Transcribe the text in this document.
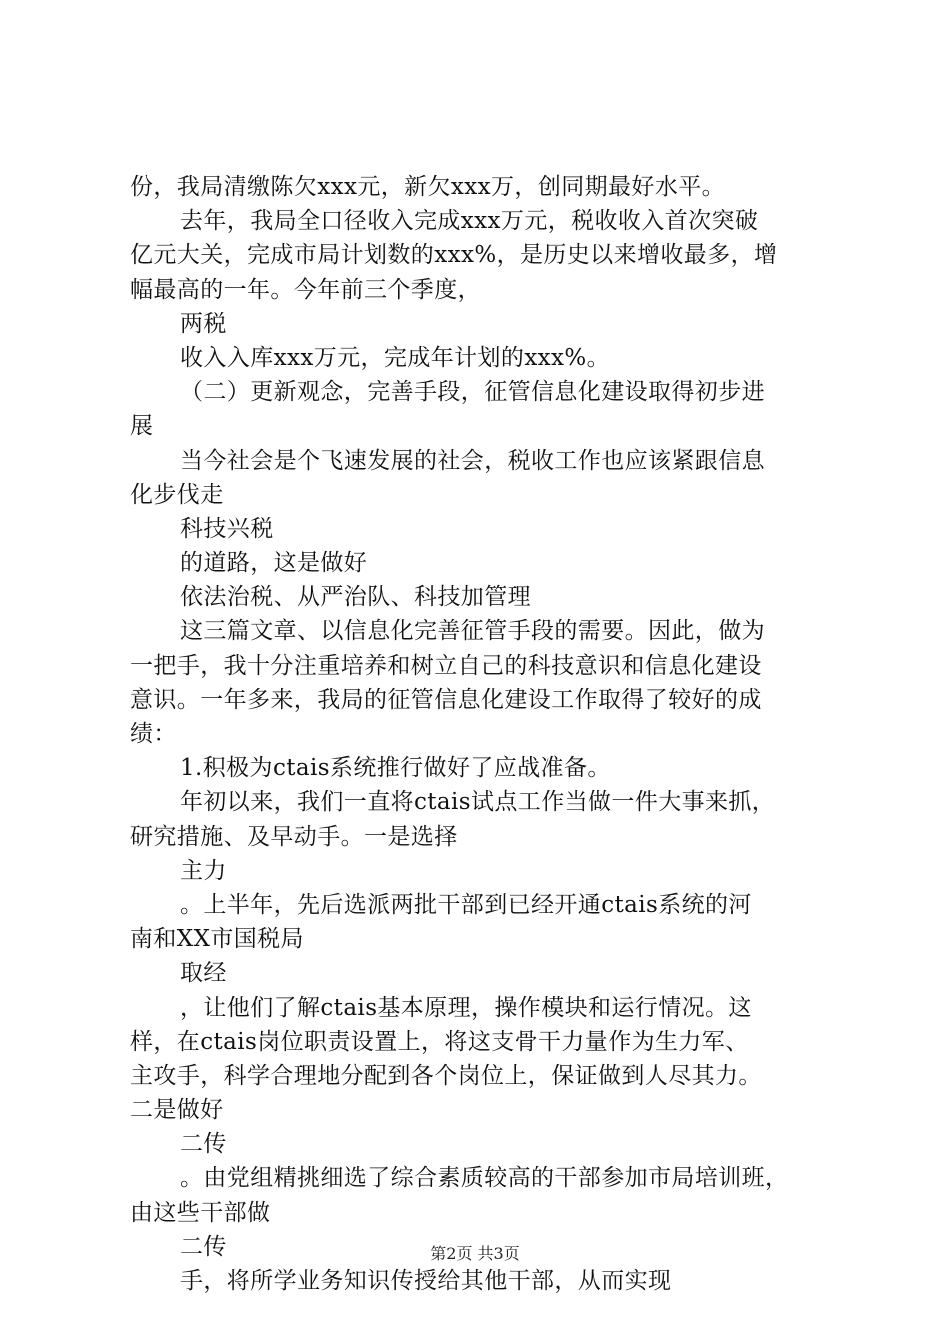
份，我局清缴陈欠xxx元，新欠xxx万，创同期最好水平。
去年，我局全口径收入完成xxx万元，税收收入首次突破
亿元大关，完成市局计划数的xxx%，是历史以来增收最多，增
幅最高的一年。今年前三个季度，
两税
收入入库xxx万元，完成年计划的xxx%。
（二）更新观念，完善手段，征管信息化建设取得初步进
展
当今社会是个飞速发展的社会，税收工作也应该紧跟信息
化步伐走
科技兴税
的道路，这是做好
依法治税、从严治队、科技加管理
这三篇文章、以信息化完善征管手段的需要。因此，做为
一把手，我十分注重培养和树立自己的科技意识和信息化建设
意识。一年多来，我局的征管信息化建设工作取得了较好的成
绩：
1.积极为ctais系统推行做好了应战准备。
年初以来，我们一直将ctais试点工作当做一件大事来抓，
研究措施、及早动手。一是选择
主力
。上半年，先后选派两批干部到已经开通ctais系统的河
南和XX市国税局
取经
，让他们了解ctais基本原理，操作模块和运行情况。这
样，在ctais岗位职责设置上，将这支骨干力量作为生力军、
主攻手，科学合理地分配到各个岗位上，保证做到人尽其力。
二是做好
二传
。由党组精挑细选了综合素质较高的干部参加市局培训班，
由这些干部做
二传
手，将所学业务知识传授给其他干部，从而实现
第2页 共3页
